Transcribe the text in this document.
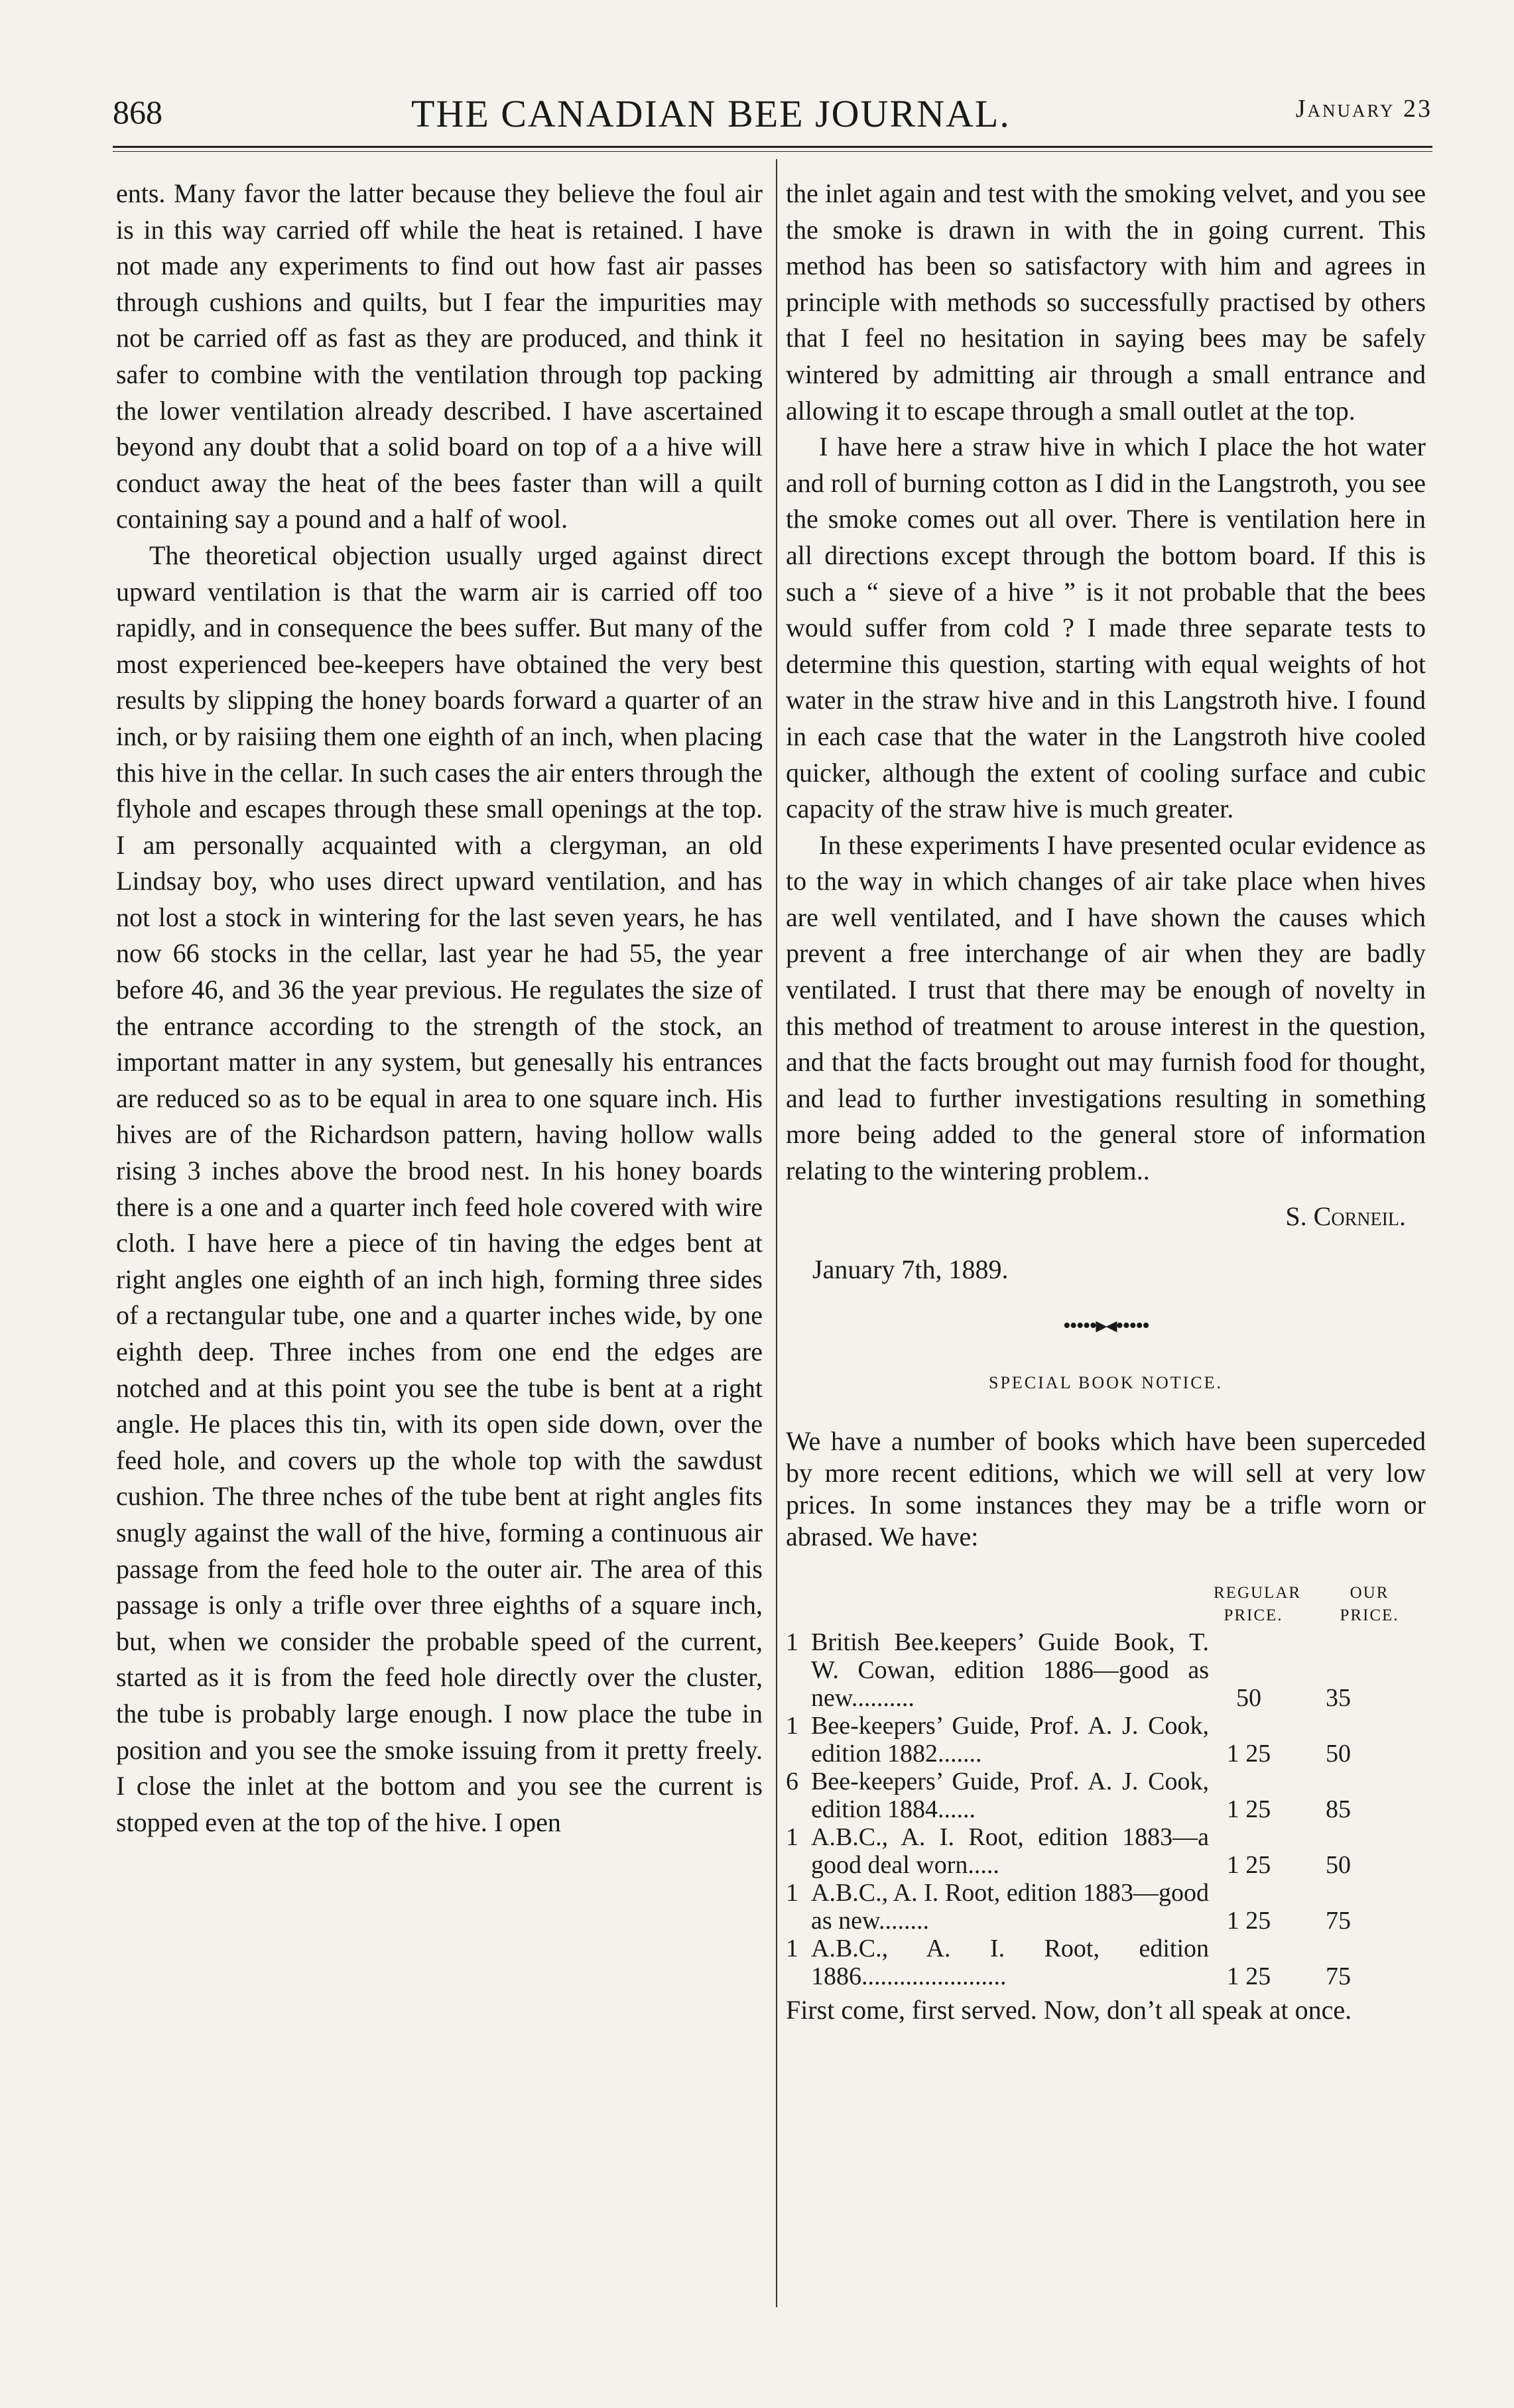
868	THE CANADIAN BEE JOURNAL.	January 23

ents. Many favor the latter because they believe the foul air is in this way carried off while the heat is retained. I have not made any experiments to find out how fast air passes through cushions and quilts, but I fear the impurities may not be carried off as fast as they are produced, and think it safer to combine with the ventilation through top packing the lower ventilation already described. I have ascertained beyond any doubt that a solid board on top of a a hive will conduct away the heat of the bees faster than will a quilt containing say a pound and a half of wool.

The theoretical objection usually urged against direct upward ventilation is that the warm air is carried off too rapidly, and in consequence the bees suffer. But many of the most experienced bee-keepers have obtained the very best results by slipping the honey boards forward a quarter of an inch, or by raisiing them one eighth of an inch, when placing this hive in the cellar. In such cases the air enters through the flyhole and escapes through these small openings at the top. I am personally acquainted with a clergyman, an old Lindsay boy, who uses direct upward ventilation, and has not lost a stock in wintering for the last seven years, he has now 66 stocks in the cellar, last year he had 55, the year before 46, and 36 the year previous. He regulates the size of the entrance according to the strength of the stock, an important matter in any system, but genesally his entrances are reduced so as to be equal in area to one square inch. His hives are of the Richardson pattern, having hollow walls rising 3 inches above the brood nest. In his honey boards there is a one and a quarter inch feed hole covered with wire cloth. I have here a piece of tin having the edges bent at right angles one eighth of an inch high, forming three sides of a rectangular tube, one and a quarter inches wide, by one eighth deep. Three inches from one end the edges are notched and at this point you see the tube is bent at a right angle. He places this tin, with its open side down, over the feed hole, and covers up the whole top with the sawdust cushion. The three nches of the tube bent at right angles fits snugly against the wall of the hive, forming a continuous air passage from the feed hole to the outer air. The area of this passage is only a trifle over three eighths of a square inch, but, when we consider the probable speed of the current, started as it is from the feed hole directly over the cluster, the tube is probably large enough. I now place the tube in position and you see the smoke issuing from it pretty freely. I close the inlet at the bottom and you see the current is stopped even at the top of the hive. I open

the inlet again and test with the smoking velvet, and you see the smoke is drawn in with the in going current. This method has been so satisfactory with him and agrees in principle with methods so successfully practised by others that I feel no hesitation in saying bees may be safely wintered by admitting air through a small entrance and allowing it to escape through a small outlet at the top.

I have here a straw hive in which I place the hot water and roll of burning cotton as I did in the Langstroth, you see the smoke comes out all over. There is ventilation here in all directions except through the bottom board. If this is such a “ sieve of a hive ” is it not probable that the bees would suffer from cold ? I made three separate tests to determine this question, starting with equal weights of hot water in the straw hive and in this Langstroth hive. I found in each case that the water in the Langstroth hive cooled quicker, although the extent of cooling surface and cubic capacity of the straw hive is much greater.

In these experiments I have presented ocular evidence as to the way in which changes of air take place when hives are well ventilated, and I have shown the causes which prevent a free interchange of air when they are badly ventilated. I trust that there may be enough of novelty in this method of treatment to arouse interest in the question, and that the facts brought out may furnish food for thought, and lead to further investigations resulting in something more being added to the general store of information relating to the wintering problem..

S. Corneil.
January 7th, 1889.
•••••▸◂•••••
SPECIAL BOOK NOTICE.
We have a number of books which have been superceded by more recent editions, which we will sell at very low prices. In some instances they may be a trifle worn or abrased. We have:
REGULAR PRICE.
OUR PRICE.
1 British Bee.keepers’ Guide Book, T. W. Cowan, edition 1886—good as new..........	50	35
1 Bee-keepers’ Guide, Prof. A. J. Cook, edition 1882.......	1 25	50
6 Bee-keepers’ Guide, Prof. A. J. Cook, edition 1884......	1 25	85
1 A.B.C., A. I. Root, edition 1883—a good deal worn.....	1 25	50
1 A.B.C., A. I. Root, edition 1883—good as new........	1 25	75
1 A.B.C., A. I. Root, edition 1886.......................	1 25	75
First come, first served. Now, don’t all speak at once.
